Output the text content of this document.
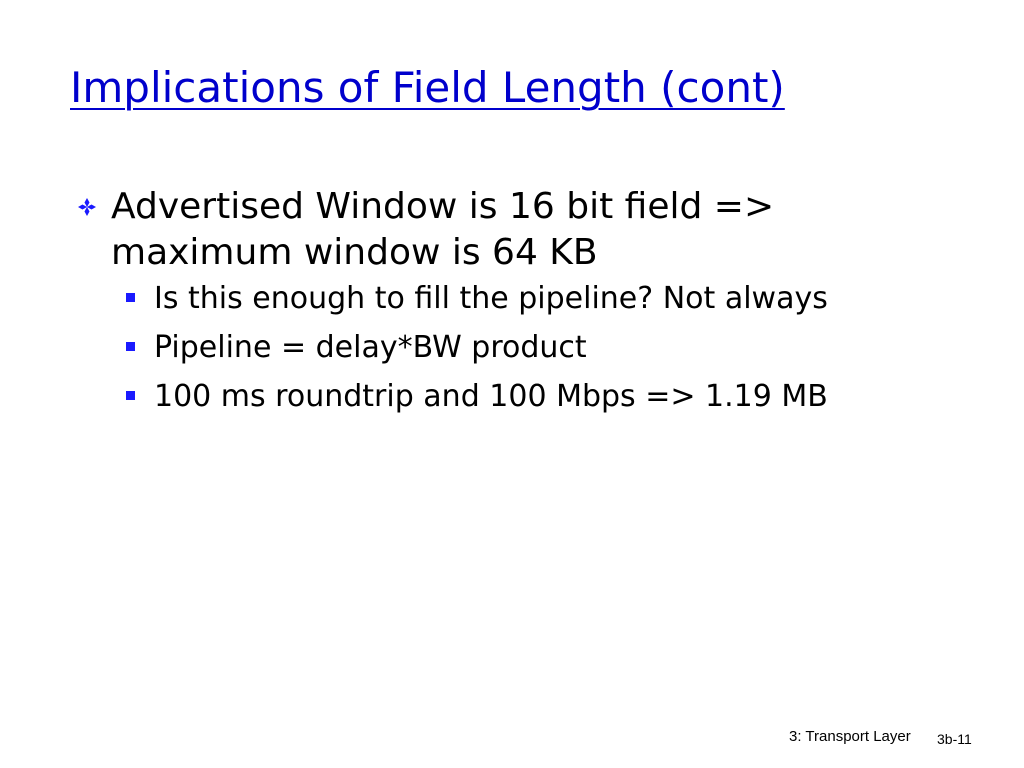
Implications of Field Length (cont)
Advertised Window is 16 bit field => maximum window is 64 KB
Is this enough to fill the pipeline? Not always
Pipeline = delay*BW product
100 ms roundtrip and 100 Mbps => 1.19 MB
3: Transport Layer 3b-11
